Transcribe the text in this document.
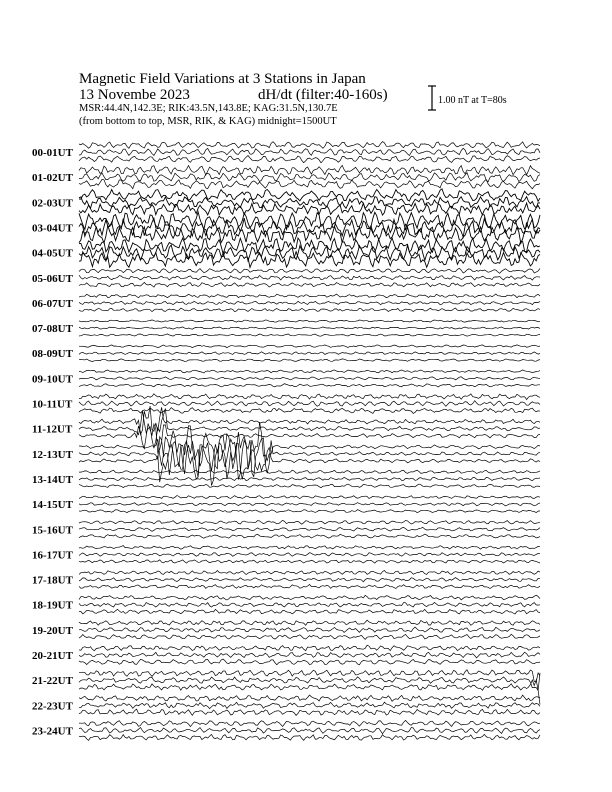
Magnetic Field Variations at 3 Stations in Japan
13 Novembe 2023	dH/dt (filter:40-160s)
MSR:44.4N,142.3E; RIK:43.5N,143.8E; KAG:31.5N,130.7E
(from bottom to top, MSR, RIK, & KAG) midnight=1500UT
1.00 nT at T=80s
00-01UT
01-02UT
02-03UT
03-04UT
04-05UT
05-06UT
06-07UT
07-08UT
08-09UT
09-10UT
10-11UT
11-12UT
12-13UT
13-14UT
14-15UT
15-16UT
16-17UT
17-18UT
18-19UT
19-20UT
20-21UT
21-22UT
22-23UT
23-24UT
